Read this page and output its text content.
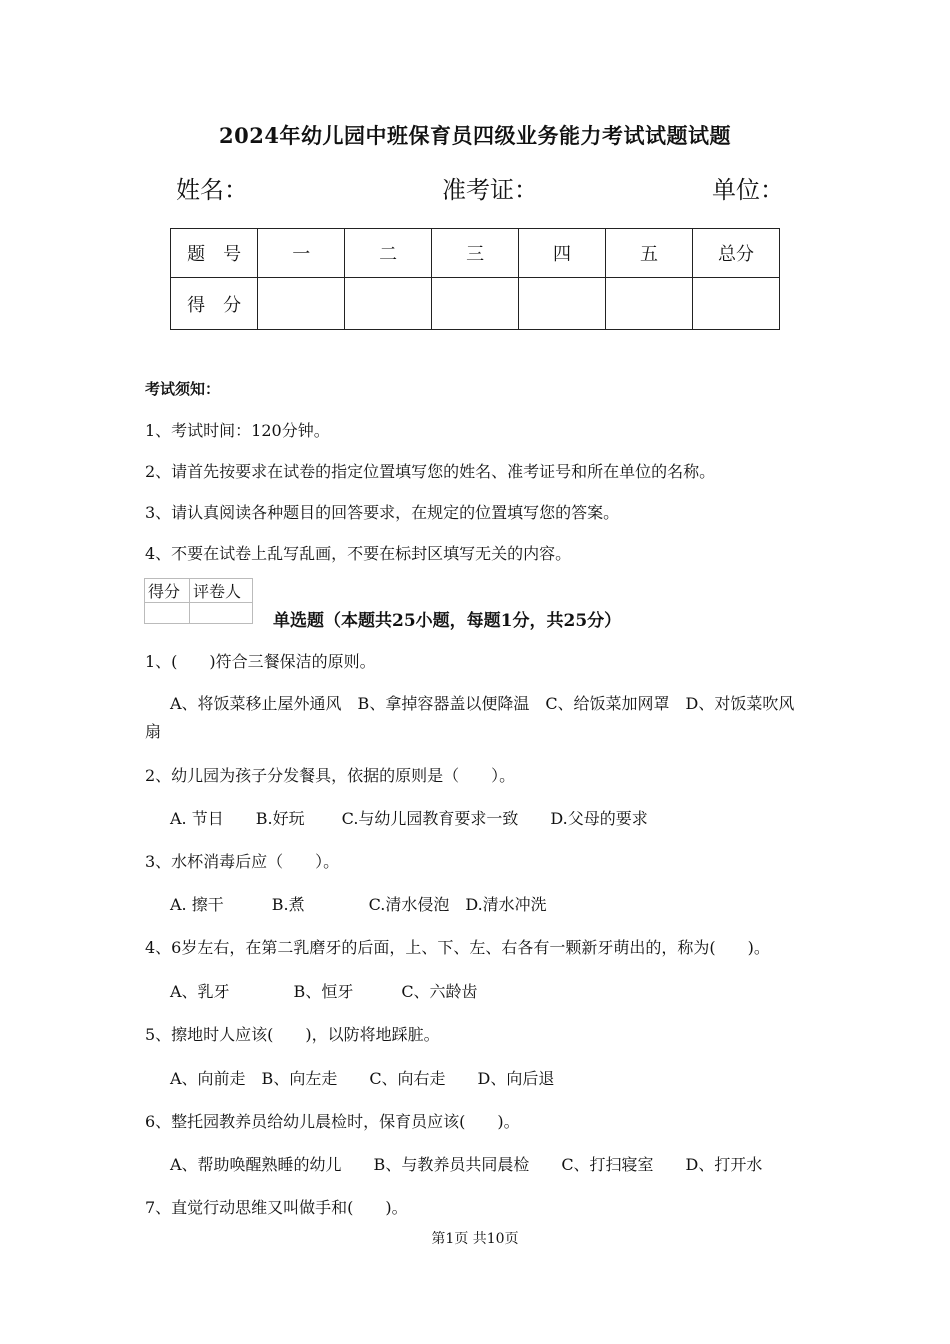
2024年幼儿园中班保育员四级业务能力考试试题试题
姓名：	准考证：	单位：
题　号	一	二	三	四	五	总分
得　分						
考试须知：
1、考试时间：120分钟。
2、请首先按要求在试卷的指定位置填写您的姓名、准考证号和所在单位的名称。
3、请认真阅读各种题目的回答要求，在规定的位置填写您的答案。
4、不要在试卷上乱写乱画，不要在标封区填写无关的内容。
得分	评卷人

单选题（本题共25小题，每题1分，共25分）
1、(　　)符合三餐保洁的原则。
A、将饭菜移止屋外通风　B、拿掉容器盖以便降温　C、给饭菜加网罩　D、对饭菜吹风
扇
2、幼儿园为孩子分发餐具，依据的原则是（　　）。
A. 节日　　B.好玩　　 C.与幼儿园教育要求一致　　D.父母的要求
3、水杯消毒后应（　　）。
A. 擦干　　　B.煮　　　　C.清水侵泡　D.清水冲洗
4、6岁左右，在第二乳磨牙的后面，上、下、左、右各有一颗新牙萌出的，称为(　　)。
A、乳牙　　　　B、恒牙　　　C、六龄齿
5、擦地时人应该(　　)，以防将地踩脏。
A、向前走　B、向左走　　C、向右走　　D、向后退
6、整托园教养员给幼儿晨检时，保育员应该(　　)。
A、帮助唤醒熟睡的幼儿　　B、与教养员共同晨检　　C、打扫寝室　　D、打开水
7、直觉行动思维又叫做手和(　　)。
第1页 共10页
